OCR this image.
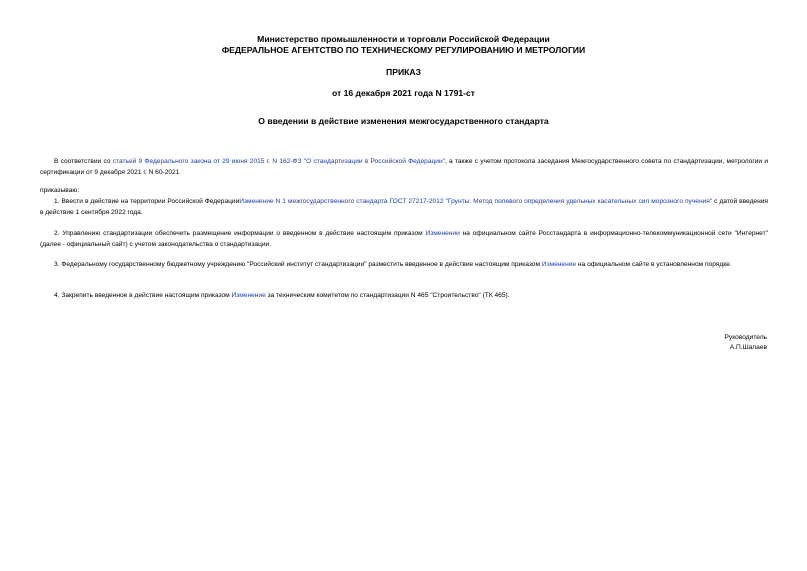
Министерство промышленности и торговли Российской Федерации
ФЕДЕРАЛЬНОЕ АГЕНТСТВО ПО ТЕХНИЧЕСКОМУ РЕГУЛИРОВАНИЮ И МЕТРОЛОГИИ
ПРИКАЗ
от 16 декабря 2021 года N 1791-ст
О введении в действие изменения межгосударственного стандарта
В соответствии со статьей 9 Федерального закона от 29 июня 2015 г. N 162-ФЗ "О стандартизации в Российской Федерации", а также с учетом протокола заседания Межгосударственного совета по стандартизации, метрологии и сертификации от 9 декабря 2021 г. N 60-2021
приказываю:
1. Ввести в действие на территории Российской ФедерацииИзменение N 1 межгосударственного стандарта ГОСТ 27217-2012 "Грунты. Метод полевого определения удельных касательных сил морозного пучения" с датой введения в действие 1 сентября 2022 года.
2. Управлению стандартизации обеспечить размещение информации о введенном в действие настоящим приказом Изменении на официальном сайте Росстандарта в информационно-телекоммуникационной сети "Интернет" (далее - официальный сайт) с учетом законодательства о стандартизации.
3. Федеральному государственному бюджетному учреждению "Российский институт стандартизации" разместить введенное в действие настоящим приказом Изменение на официальном сайте в установленном порядке.
4. Закрепить введенное в действие настоящим приказом Изменение за техническим комитетом по стандартизации N 465 "Строительство" (ТК 465).
Руководитель
А.П.Шалаев
